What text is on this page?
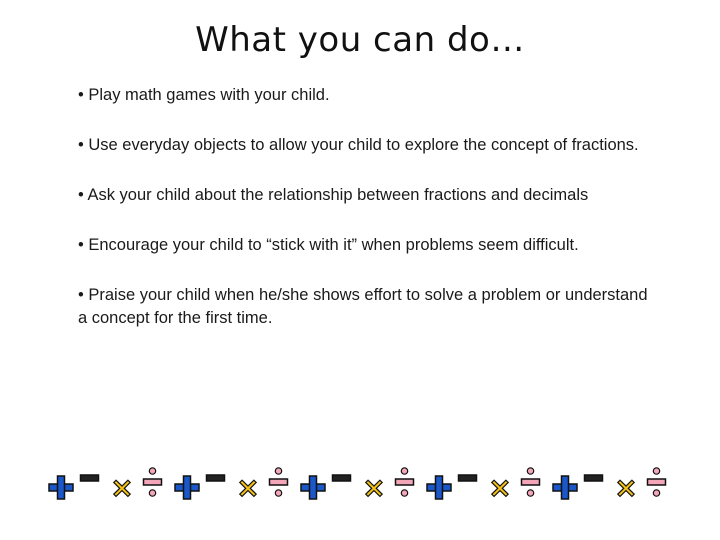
What you can do…
• Play math games with your child.
• Use everyday objects to allow your child to explore the concept of fractions.
• Ask your child about the relationship between fractions and decimals
• Encourage your child to “stick with it” when problems seem difficult.
• Praise your child when he/she shows effort to solve a problem or understand a concept for the first time.
×	×	×	×	×
